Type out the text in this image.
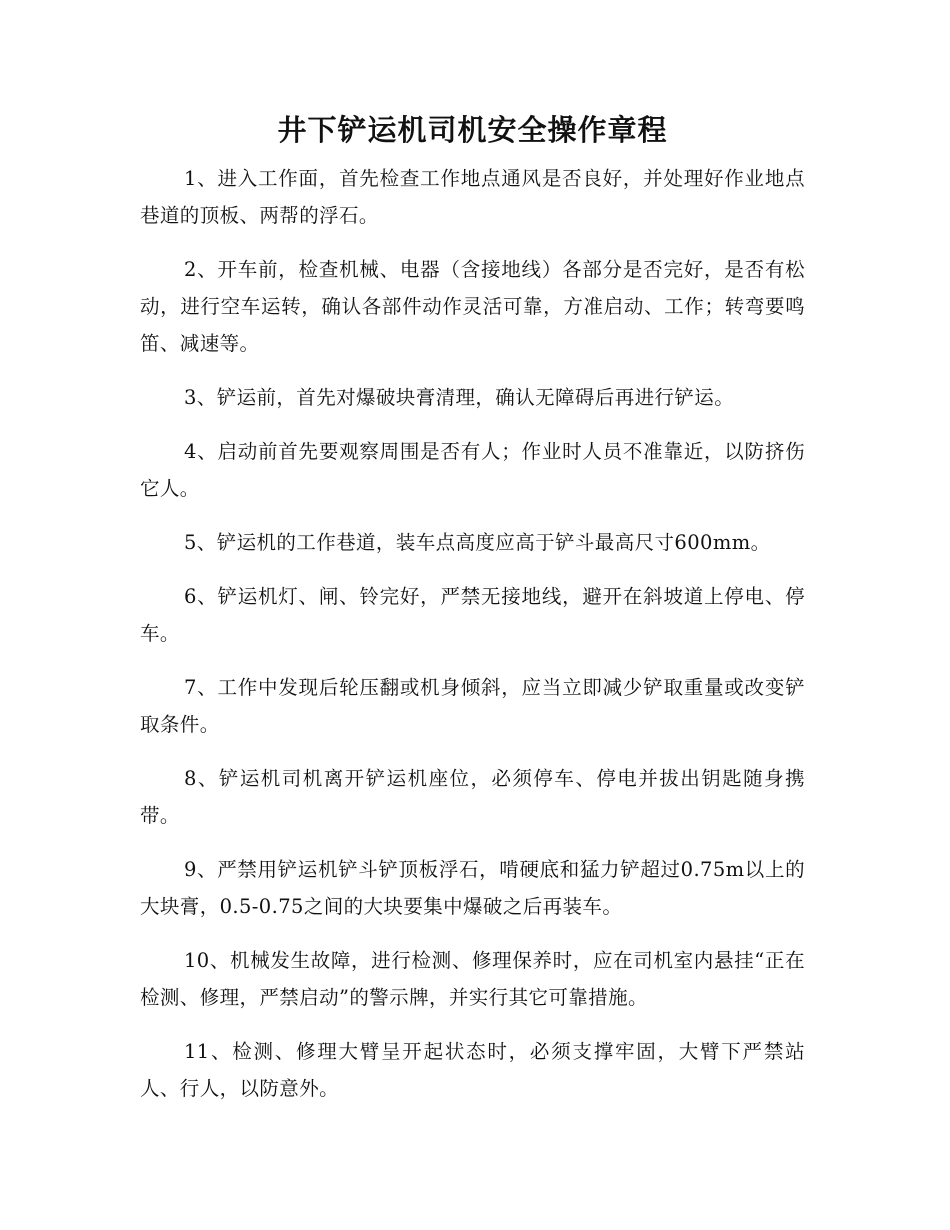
井下铲运机司机安全操作章程

1、进入工作面，首先检查工作地点通风是否良好，并处理好作业地点巷道的顶板、两帮的浮石。

2、开车前，检查机械、电器（含接地线）各部分是否完好，是否有松动，进行空车运转，确认各部件动作灵活可靠，方准启动、工作；转弯要鸣笛、减速等。

3、铲运前，首先对爆破块膏清理，确认无障碍后再进行铲运。

4、启动前首先要观察周围是否有人；作业时人员不准靠近，以防挤伤它人。

5、铲运机的工作巷道，装车点高度应高于铲斗最高尺寸600mm。

6、铲运机灯、闸、铃完好，严禁无接地线，避开在斜坡道上停电、停车。

7、工作中发现后轮压翻或机身倾斜，应当立即减少铲取重量或改变铲取条件。

8、铲运机司机离开铲运机座位，必须停车、停电并拔出钥匙随身携带。

9、严禁用铲运机铲斗铲顶板浮石，啃硬底和猛力铲超过0.75m以上的大块膏，0.5-0.75之间的大块要集中爆破之后再装车。

10、机械发生故障，进行检测、修理保养时，应在司机室内悬挂“正在检测、修理，严禁启动”的警示牌，并实行其它可靠措施。

11、检测、修理大臂呈开起状态时，必须支撑牢固，大臂下严禁站人、行人，以防意外。
